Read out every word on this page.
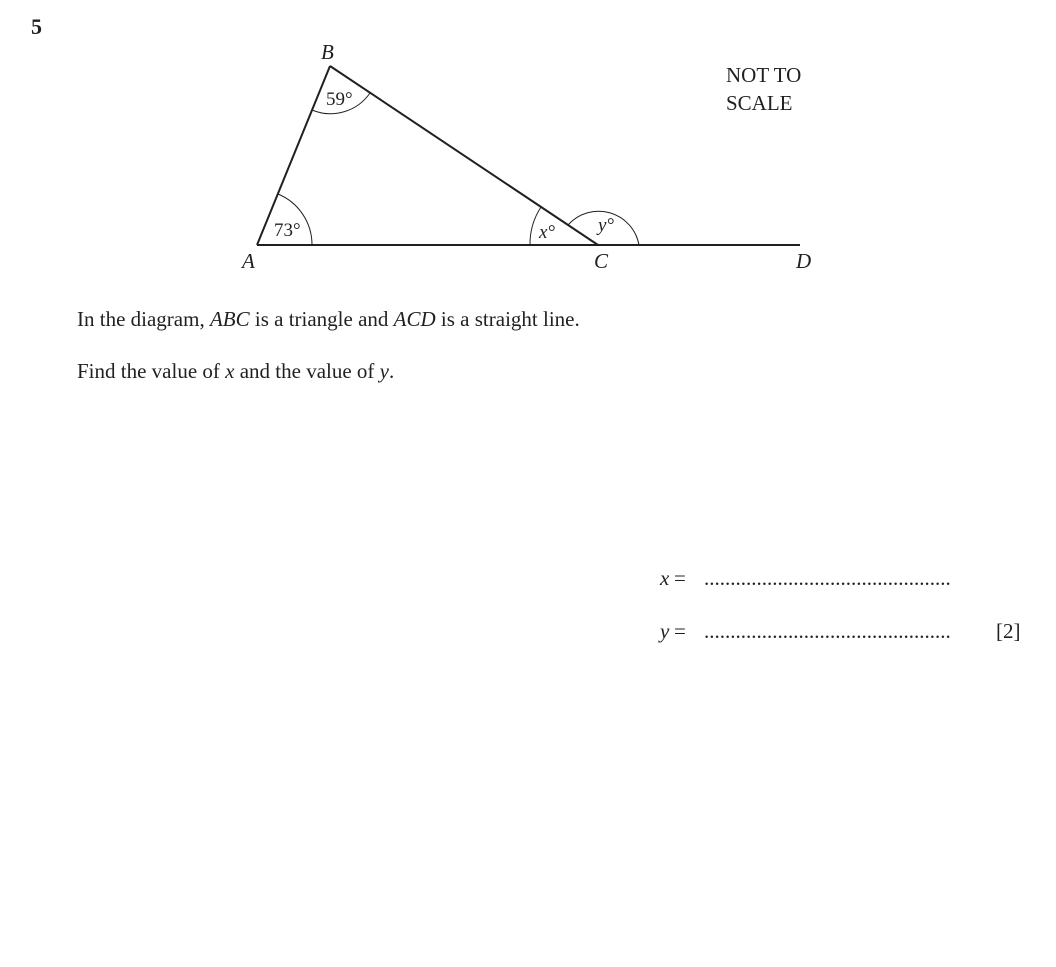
5
B
A	C	D
59°
73°	x° y°
NOT TO
SCALE
In the diagram, ABC is a triangle and ACD is a straight line.
Find the value of x and the value of y.
x = ...............................................
y = ............................................... [2]
